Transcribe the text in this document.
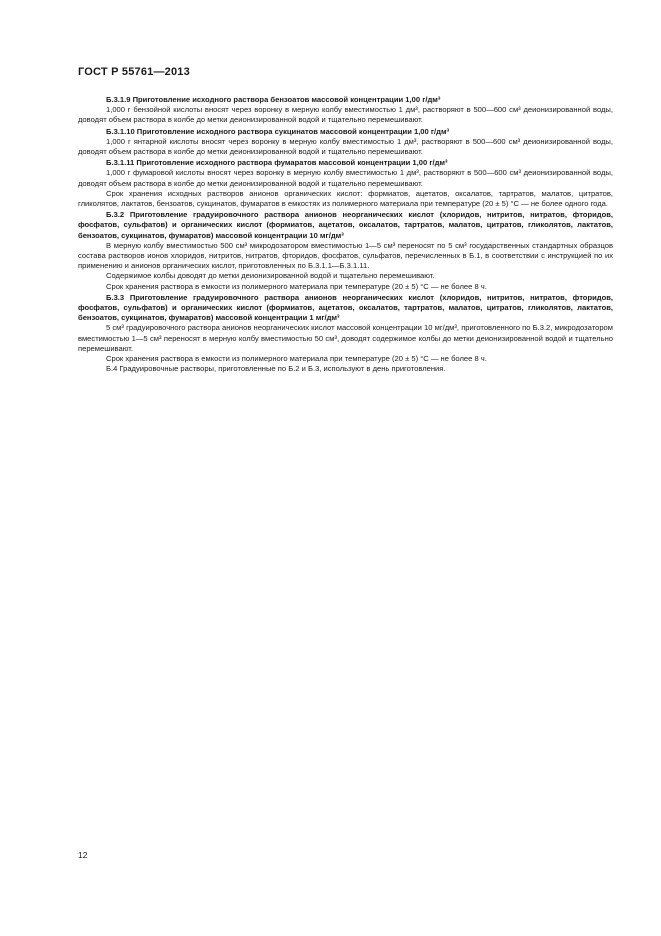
ГОСТ Р 55761—2013

Б.3.1.9 Приготовление исходного раствора бензоатов массовой концентрации 1,00 г/дм³

1,000 г бензойной кислоты вносят через воронку в мерную колбу вместимостью 1 дм³, растворяют в 500—600 см³ деионизированной воды, доводят объем раствора в колбе до метки деионизированной водой и тщательно перемешивают.

Б.3.1.10 Приготовление исходного раствора сукцинатов массовой концентрации 1,00 г/дм³

1,000 г янтарной кислоты вносят через воронку в мерную колбу вместимостью 1 дм³, растворяют в 500—600 см³ деионизированной воды, доводят объем раствора в колбе до метки деионизированной водой и тщательно перемешивают.

Б.3.1.11 Приготовление исходного раствора фумаратов массовой концентрации 1,00 г/дм³

1,000 г фумаровой кислоты вносят через воронку в мерную колбу вместимостью 1 дм³, растворяют в 500—600 см³ деионизированной воды, доводят объем раствора в колбе до метки деионизированной водой и тщательно перемешивают.

Срок хранения исходных растворов анионов органических кислот: формиатов, ацетатов, оксалатов, тартратов, малатов, цитратов, гликолятов, лактатов, бензоатов, сукцинатов, фумаратов в емкостях из полимерного материала при температуре (20 ± 5) °С — не более одного года.

Б.3.2 Приготовление градуировочного раствора анионов неорганических кислот (хлоридов, нитритов, нитратов, фторидов, фосфатов, сульфатов) и органических кислот (формиатов, ацетатов, оксалатов, тартратов, малатов, цитратов, гликолятов, лактатов, бензоатов, сукцинатов, фумаратов) массовой концентрации 10 мг/дм³

В мерную колбу вместимостью 500 см³ микродозатором вместимостью 1—5 см³ переносят по 5 см³ государственных стандартных образцов состава растворов ионов хлоридов, нитритов, нитратов, фторидов, фосфатов, сульфатов, перечисленных в Б.1, в соответствии с инструкцией по их применению и анионов органических кислот, приготовленных по Б.3.1.1—Б.3.1.11.

Содержимое колбы доводят до метки деионизированной водой и тщательно перемешивают.

Срок хранения раствора в емкости из полимерного материала при температуре (20 ± 5) °С — не более 8 ч.

Б.3.3 Приготовление градуировочного раствора анионов неорганических кислот (хлоридов, нитритов, нитратов, фторидов, фосфатов, сульфатов) и органических кислот (формиатов, ацетатов, оксалатов, тартратов, малатов, цитратов, гликолятов, лактатов, бензоатов, сукцинатов, фумаратов) массовой концентрации 1 мг/дм³

5 см³ градуировочного раствора анионов неорганических кислот массовой концентрации 10 мг/дм³, приготовленного по Б.3.2, микродозатором вместимостью 1—5 см³ переносят в мерную колбу вместимостью 50 см³, доводят содержимое колбы до метки деионизированной водой и тщательно перемешивают.

Срок хранения раствора в емкости из полимерного материала при температуре (20 ± 5) °С — не более 8 ч.

Б.4 Градуировочные растворы, приготовленные по Б.2 и Б.3, используют в день приготовления.

12
